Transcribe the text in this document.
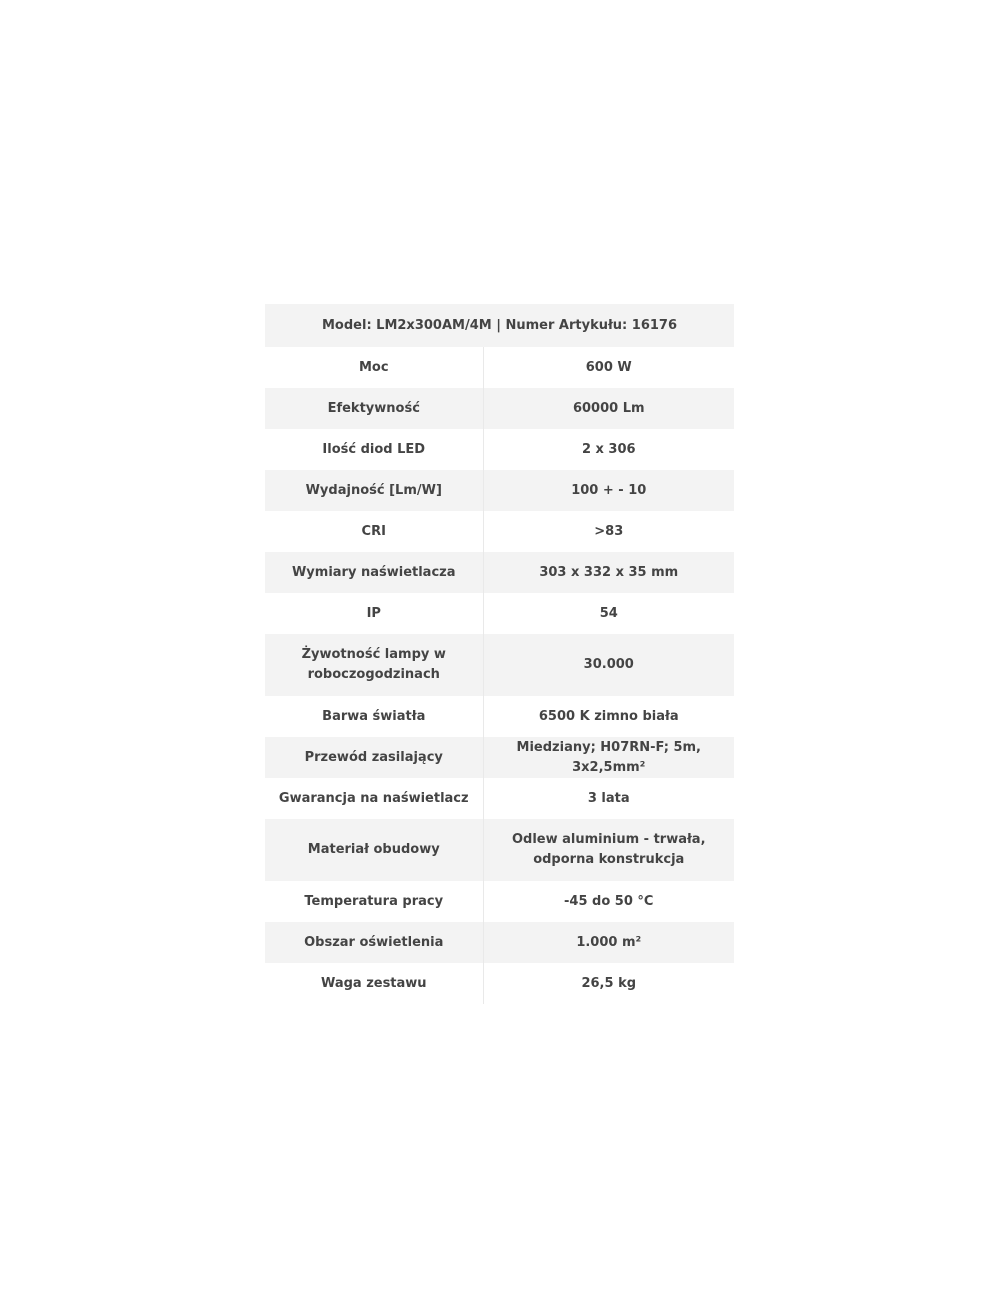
Model: LM2x300AM/4M | Numer Artykułu: 16176	
Moc	600 W
Efektywność	60000 Lm
Ilość diod LED	2 x 306
Wydajność [Lm/W]	100 + - 10
CRI	>83
Wymiary naświetlacza	303 x 332 x 35 mm
IP	54
Żywotność lampy w roboczogodzinach	30.000
Barwa światła	6500 K zimno biała
Przewód zasilający	Miedziany; H07RN-F; 5m, 3x2,5mm²
Gwarancja na naświetlacz	3 lata
Materiał obudowy	Odlew aluminium - trwała, odporna konstrukcja
Temperatura pracy	-45 do 50 °C
Obszar oświetlenia	1.000 m²
Waga zestawu	26,5 kg
